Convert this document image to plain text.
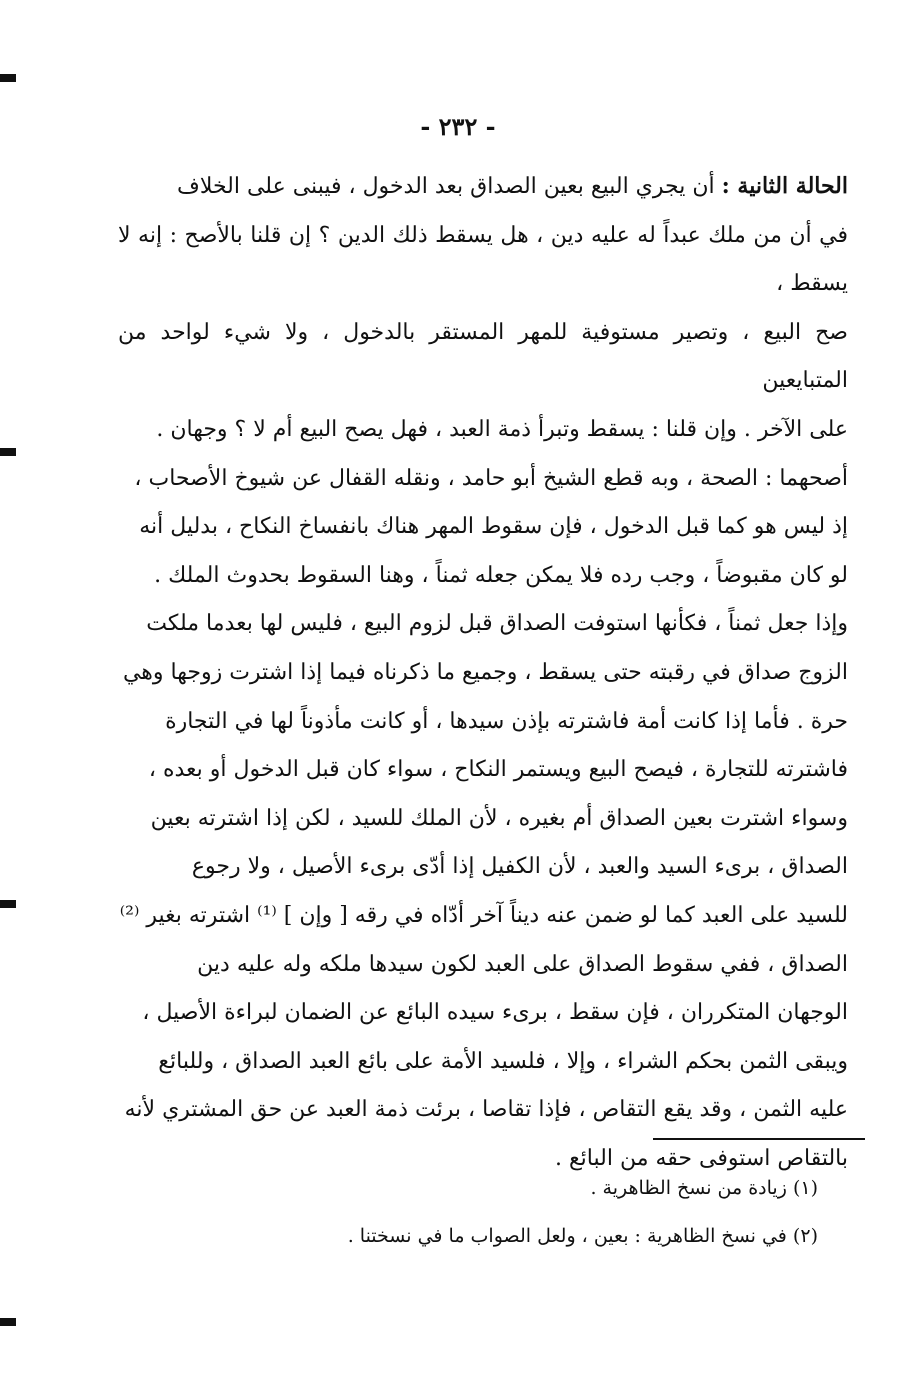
- ٢٣٢ -

الحالة الثانية : أن يجري البيع بعين الصداق بعد الدخول ، فيبنى على الخلاف

في أن من ملك عبداً له عليه دين ، هل يسقط ذلك الدين ؟ إن قلنا بالأصح : إنه لا يسقط ،

صح البيع ، وتصير مستوفية للمهر المستقر بالدخول ، ولا شيء لواحد من المتبايعين

على الآخر . وإن قلنا : يسقط وتبرأ ذمة العبد ، فهل يصح البيع أم لا ؟ وجهان .

أصحهما : الصحة ، وبه قطع الشيخ أبو حامد ، ونقله القفال عن شيوخ الأصحاب ،

إذ ليس هو كما قبل الدخول ، فإن سقوط المهر هناك بانفساخ النكاح ، بدليل أنه

لو كان مقبوضاً ، وجب رده فلا يمكن جعله ثمناً ، وهنا السقوط بحدوث الملك .

وإذا جعل ثمناً ، فكأنها استوفت الصداق قبل لزوم البيع ، فليس لها بعدما ملكت

الزوج صداق في رقبته حتى يسقط ، وجميع ما ذكرناه فيما إذا اشترت زوجها وهي

حرة . فأما إذا كانت أمة فاشترته بإذن سيدها ، أو كانت مأذوناً لها في التجارة

فاشترته للتجارة ، فيصح البيع ويستمر النكاح ، سواء كان قبل الدخول أو بعده ،

وسواء اشترت بعين الصداق أم بغيره ، لأن الملك للسيد ، لكن إذا اشترته بعين

الصداق ، برىء السيد والعبد ، لأن الكفيل إذا أدّى برىء الأصيل ، ولا رجوع

للسيد على العبد كما لو ضمن عنه ديناً آخر أدّاه في رقه [ وإن ] ⁽¹⁾ اشترته بغير ⁽²⁾

الصداق ، ففي سقوط الصداق على العبد لكون سيدها ملكه وله عليه دين

الوجهان المتكرران ، فإن سقط ، برىء سيده البائع عن الضمان لبراءة الأصيل ،

ويبقى الثمن بحكم الشراء ، وإلا ، فلسيد الأمة على بائع العبد الصداق ، وللبائع

عليه الثمن ، وقد يقع التقاص ، فإذا تقاصا ، برئت ذمة العبد عن حق المشتري لأنه

بالتقاص استوفى حقه من البائع .

(١) زيادة من نسخ الظاهرية .

(٢) في نسخ الظاهرية : بعين ، ولعل الصواب ما في نسختنا .
